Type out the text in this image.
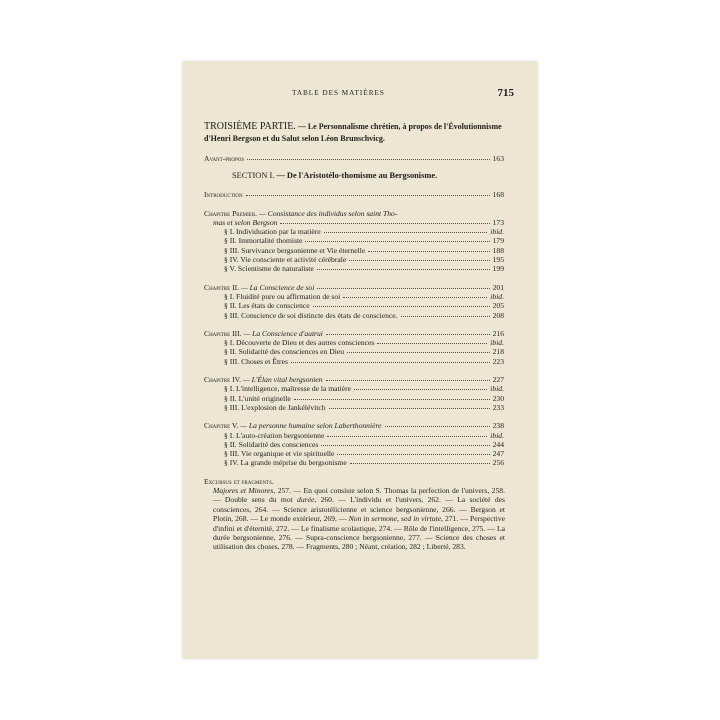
TABLE DES MATIÈRES	715
TROISIÈME PARTIE. — Le Personnalisme chrétien, à propos de l'Évolutionnisme d'Henri Bergson et du Salut selon Léon Brunschvicg.
Avant-propos	163
SECTION I. — De l'Aristotélo-thomisme au Bergsonisme.
Introduction	168
Chapitre Premier. — Consistance des individus selon saint Tho-
mas et selon Bergson	173
§ I. Individuation par la matière	ibid.
§ II. Immortalité thomiste	179
§ III. Survivance bergsonienne et Vie éternelle	188
§ IV. Vie consciente et activité cérébrale	195
§ V. Scientisme de naturaliste	199
Chapitre II. — La Conscience de soi	201
§ I. Fluidité pure ou affirmation de soi	ibid.
§ II. Les états de conscience	205
§ III. Conscience de soi distincte des états de conscience.	208
Chapitre III. — La Conscience d'autrui	216
§ I. Découverte de Dieu et des autres consciences	ibid.
§ II. Solidarité des consciences en Dieu	218
§ III. Choses et Êtres	223
Chapitre IV. — L'Élan vital bergsonien	227
§ I. L'intelligence, maîtresse de la matière	ibid.
§ II. L'unité originelle	230
§ III. L'explosion de Jankélévitch	233
Chapitre V. — La personne humaine selon Laberthonnière	238
§ I. L'auto-création bergsonienne	ibid.
§ II. Solidarité des consciences	244
§ III. Vie organique et vie spirituelle	247
§ IV. La grande méprise du bergsonisme	256
Excursus et fragments.
Majores et Minores, 257. — En quoi consiste selon S. Thomas la perfection de l'univers, 258. — Double sens du mot durée, 260. — L'individu et l'univers, 262. — La société des consciences, 264. — Science aristotélicienne et science bergsonienne, 266. — Bergson et Plotin, 268. — Le monde extérieur, 269. — Non in sermone, sed in virtute, 271. — Perspective d'infini et d'éternité, 272. — Le finalisme scolastique, 274. — Rôle de l'intelligence, 275. — La durée bergsonienne, 276. — Supra-conscience bergsonienne, 277. — Science des choses et utilisation des choses, 278. — Fragments, 280 ; Néant, création, 282 ; Liberté, 283.
